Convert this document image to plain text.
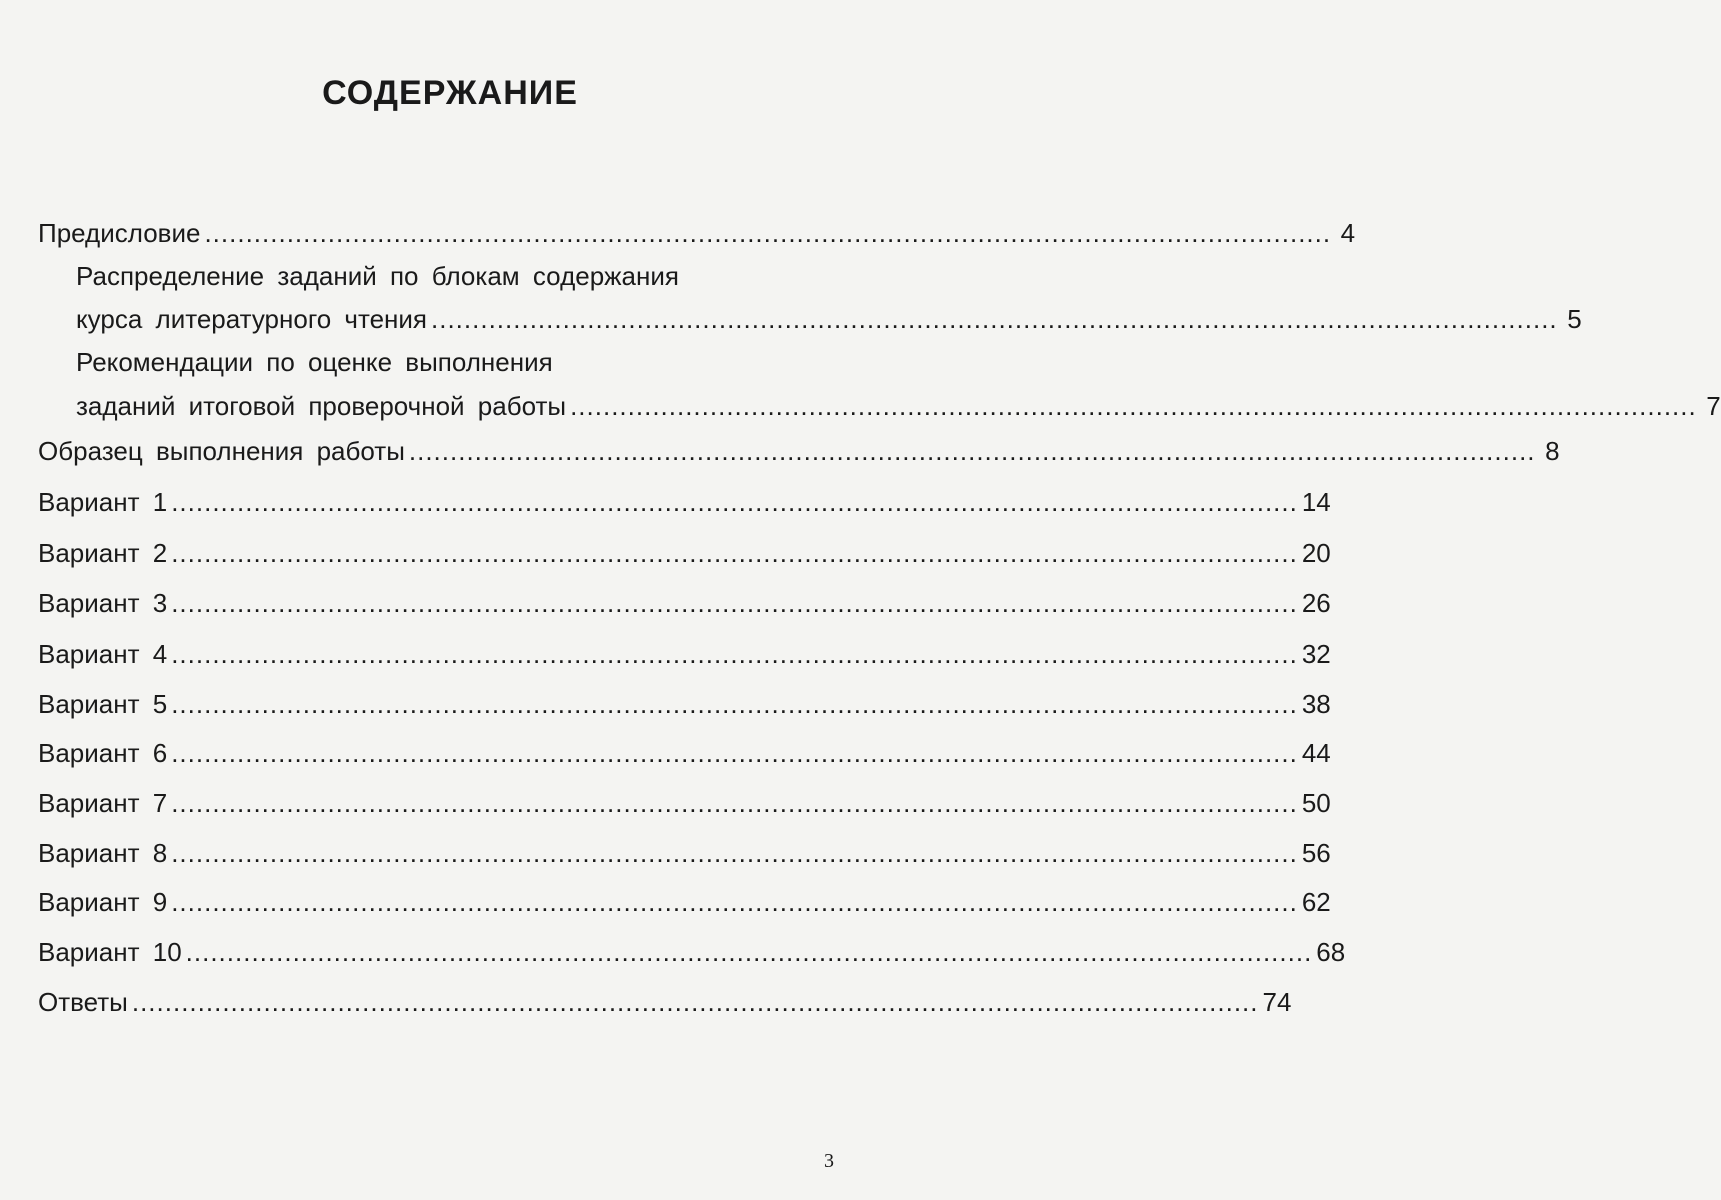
СОДЕРЖАНИЕ
Предисловие ......................................................................................................................................... 4
Распределение заданий по блокам содержания
курса литературного чтения ......................................................................................................................................... 5
Рекомендации по оценке выполнения
заданий итоговой проверочной работы ......................................................................................................................................... 7
Образец выполнения работы ......................................................................................................................................... 8
Вариант 1 ......................................................................................................................................... 14
Вариант 2 ......................................................................................................................................... 20
Вариант 3 ......................................................................................................................................... 26
Вариант 4 ......................................................................................................................................... 32
Вариант 5 ......................................................................................................................................... 38
Вариант 6 ......................................................................................................................................... 44
Вариант 7 ......................................................................................................................................... 50
Вариант 8 ......................................................................................................................................... 56
Вариант 9 ......................................................................................................................................... 62
Вариант 10 ......................................................................................................................................... 68
Ответы ......................................................................................................................................... 74
3
